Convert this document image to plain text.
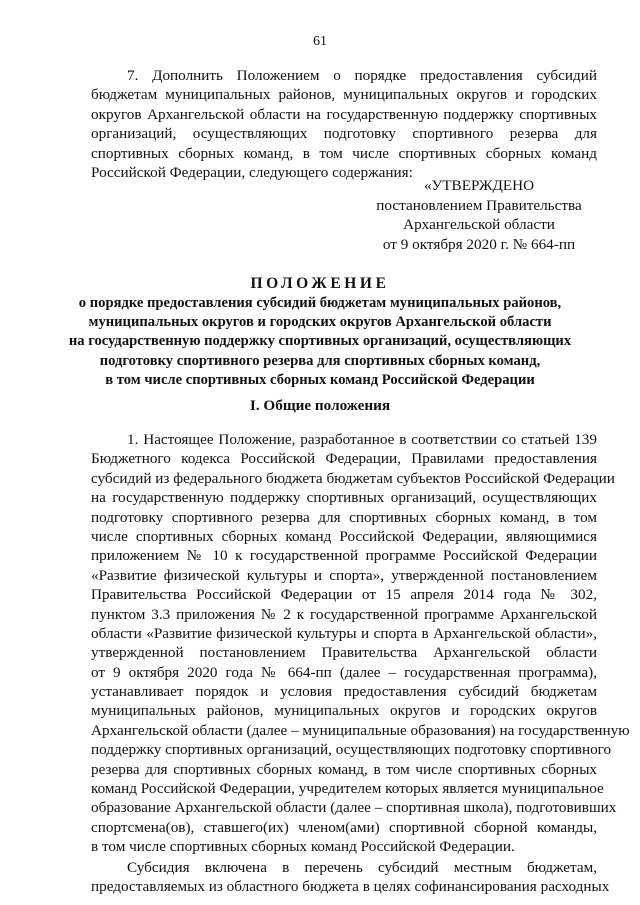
61
7. Дополнить Положением о порядке предоставления субсидий
бюджетам муниципальных районов, муниципальных округов и городских
округов Архангельской области на государственную поддержку спортивных
организаций, осуществляющих подготовку спортивного резерва для
спортивных сборных команд, в том числе спортивных сборных команд
Российской Федерации, следующего содержания:
«УТВЕРЖДЕНО
постановлением Правительства
Архангельской области
от 9 октября 2020 г. № 664-пп
ПОЛОЖЕНИЕ
о порядке предоставления субсидий бюджетам муниципальных районов,
муниципальных округов и городских округов Архангельской области
на государственную поддержку спортивных организаций, осуществляющих
подготовку спортивного резерва для спортивных сборных команд,
в том числе спортивных сборных команд Российской Федерации
I. Общие положения
1. Настоящее Положение, разработанное в соответствии со статьей 139
Бюджетного кодекса Российской Федерации, Правилами предоставления
субсидий из федерального бюджета бюджетам субъектов Российской Федерации
на государственную поддержку спортивных организаций, осуществляющих
подготовку спортивного резерва для спортивных сборных команд, в том
числе спортивных сборных команд Российской Федерации, являющимися
приложением № 10 к государственной программе Российской Федерации
«Развитие физической культуры и спорта», утвержденной постановлением
Правительства Российской Федерации от 15 апреля 2014 года № 302,
пунктом 3.3 приложения № 2 к государственной программе Архангельской
области «Развитие физической культуры и спорта в Архангельской области»,
утвержденной постановлением Правительства Архангельской области
от 9 октября 2020 года № 664-пп (далее – государственная программа),
устанавливает порядок и условия предоставления субсидий бюджетам
муниципальных районов, муниципальных округов и городских округов
Архангельской области (далее – муниципальные образования) на государственную
поддержку спортивных организаций, осуществляющих подготовку спортивного
резерва для спортивных сборных команд, в том числе спортивных сборных
команд Российской Федерации, учредителем которых является муниципальное
образование Архангельской области (далее – спортивная школа), подготовивших
спортсмена(ов), ставшего(их) членом(ами) спортивной сборной команды,
в том числе спортивных сборных команд Российской Федерации.
Субсидия включена в перечень субсидий местным бюджетам,
предоставляемых из областного бюджета в целях софинансирования расходных
